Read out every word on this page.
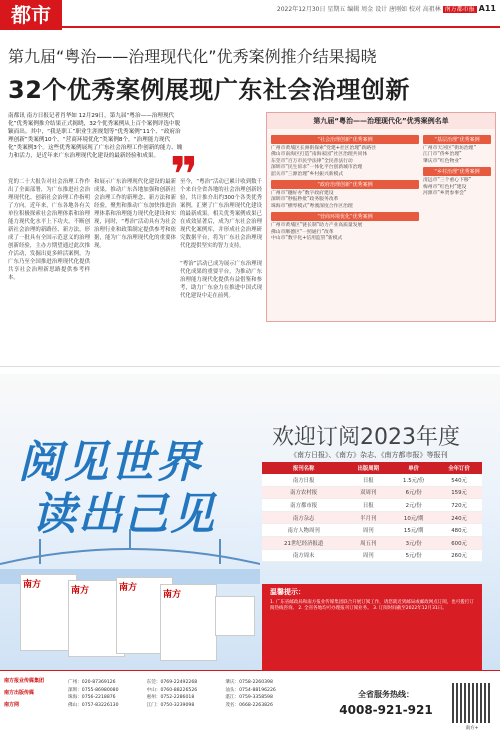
都市	2022年12月30日 星期五 编辑 周金 设计 唐刚如 校对 高祖林 南方都市报 A11
第九届“粤治——治理现代化”优秀案例推介结果揭晓
32个优秀案例展现广东社会治理创新
南都讯 南方日报记者肖华如 12月29日，第九届“粤治——治理现代化”优秀案例推介结果正式揭晓，32个优秀案例从上百个案例评选中脱颖而出。其中，“我是职工”职业生涯规划等“优秀案例”11个、“政府治理创新”类案例10个，“营商环境优化”类案例8个，“治理能力现代化”类案例3个。这些优秀案例展现了广东社会治理工作创新的能力、魄力和活力，是近年来广东治理现代化建设的最新经验和成果。 ❞
党的二十大报告对社会治理工作作出了全面部署，为广东推进社会治理现代化、创新社会治理工作指明了方向。近年来，广东各地各有关单位积极探索社会治理体系和治理能力现代化水平上下功夫，不断创新社会治理的新路径、新方法，形成了一批具有全国示范意义的治理创新经验，主办方期望通过此次推介活动，发掘出更多鲜活案例，为广东乃至全国推进治理现代化提供共享社会治理新思路提供参考样本。
和展示广东治理现代化建设的最新成果，推动广东各地加强和创新社会治理工作的新理念、新方法和新经验，聚焦和推动广东加快推进治理体系和治理能力现代化建设和实现，同时，“粤治”活动具有为社会治理行业和政策制定提供参考和依据，能为广东治理现代化的重要体现。
至今，“粤治”活动已累计收到数千个来自全省各地的社会治理创新经验，共计推介出约300个各类优秀案例，汇聚了广东治理现代化建设的最新成果。相关优秀案例成果已在成效显著后，成为广东社会治理现代化案例库，并形成社会治理研究数据平台，将为广东社会治理现代化提供坚实的智力支持。
“粤治”活动已成为展示广东治理现代化成果的重要平台，为推动广东治理能力现代化提供有益借鉴和参考，助力广东奋力在推进中国式现代化建设中走在前列。
第九届“粤治——治理现代化”优秀案例名单
“社会治理创新”优秀案例
广州市黄埔区长洲街探索“党建+社区治理”新路径
佛山市南海区打造“南海家园”社区治理共同体
东莞市“百万市民学法律”全民普法行动
深圳市“民生诉求”一体化平台创新城市治理
韶关市“三源治理”乡村振兴新模式
“政府治理创新”优秀案例
广州市“穗好办”数字政府建设
深圳市“秒报秒批”政务服务改革
珠海市“横琴模式”粤澳深度合作区治理
“营商环境优化”优秀案例
广州市黄埔区“链长制”助力产业高质量发展
佛山市顺德区“一照通行”改革
中山市“数字化+信用监管”新模式
“基层治理”优秀案例
广州市天河区“街坊治理”
江门市“侨乡治理”
肇庆市“红色物业”
“乡村治理”优秀案例
清远市“三个重心下移”
梅州市“红色村”建设
河源市“乡贤参事会”
阅见世界
读出己见
欢迎订阅2023年度
《南方日报》、《南方》杂志、《南方都市报》等报刊
报刊名称	出版周期	单价	全年订价
南方日报	日报	1.5元/份	540元
南方农村报	双周刊	6元/份	159元
南方都市报	日报	2元/份	720元
南方杂志	半月刊	10元/期	240元
南方人物周刊	周刊	15元/期	480元
21世纪经济报道	周五刊	3元/份	600元
南方周末	周刊	5元/份	260元
南方
南方	南方
南方	温馨提示：
1. 广东省邮政局和南方报业传媒集团联合开展订阅工作，请您就近到邮局或邮政网点订阅，也可拨打订阅热线咨询。 2. 全省各地均可办理报刊订阅业务。 3. 订阅时间截至2022年12月31日。
南方报业传媒集团
南方出版传媒
南方网
广州：020-87369126
深圳：0755-86980080
珠海：0756-2218876
佛山：0757-83226130
东莞：0769-22492268
中山：0760-88226526
惠州：0752-2286018
江门：0750-3239098
肇庆：0758-2260398
汕头：0754-88196226
湛江：0759-3358598
茂名：0668-2263826
全省服务热线：
4008-921-921
南方+
